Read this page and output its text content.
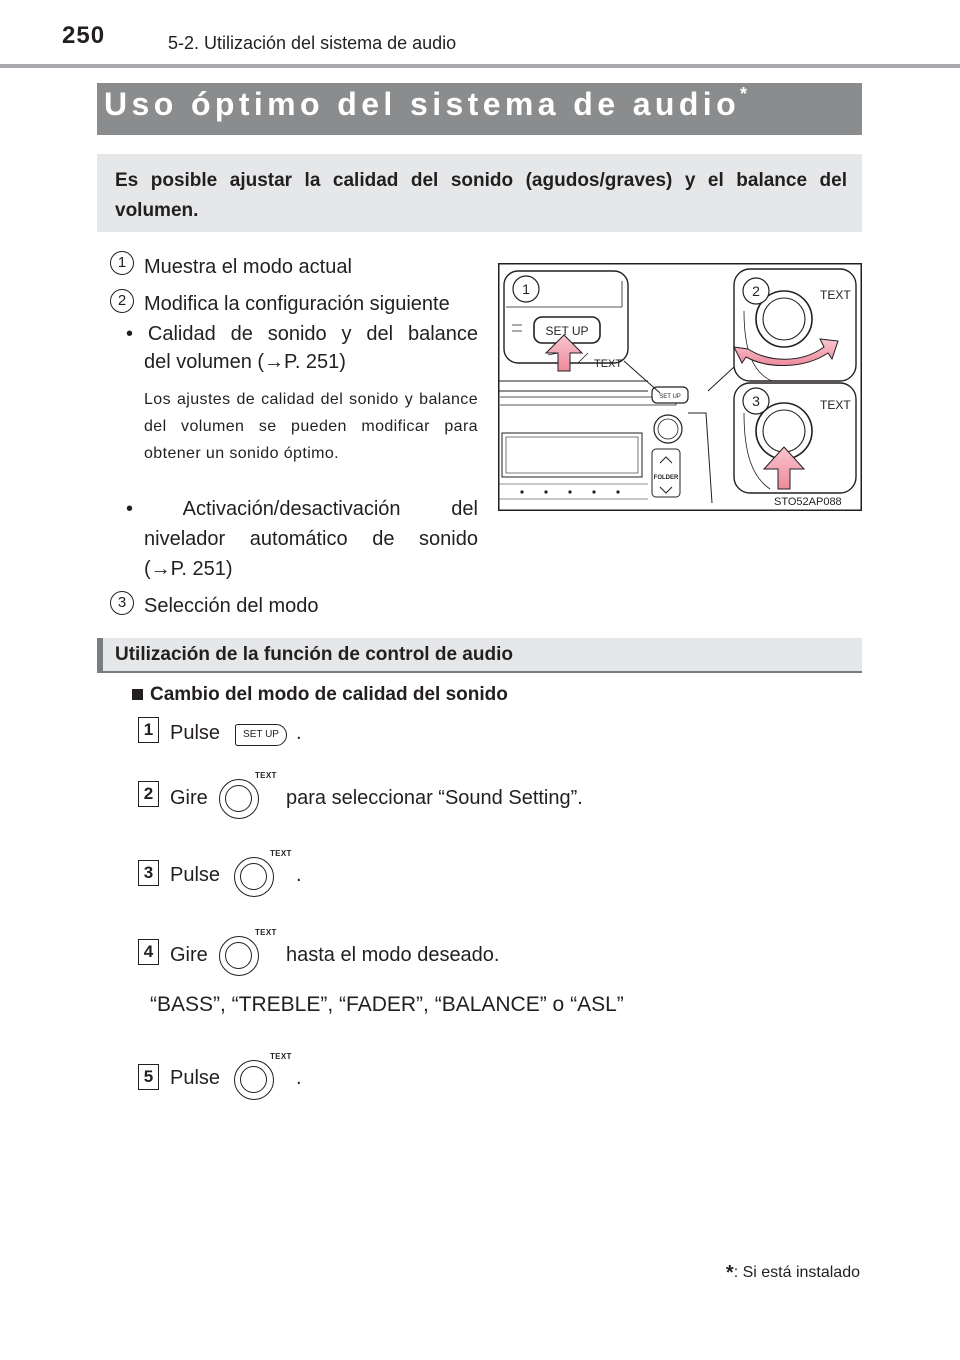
250	5-2. Utilización del sistema de audio
Uso óptimo del sistema de audio*
Es posible ajustar la calidad del sonido (agudos/graves) y el balance del volumen.
1 Muestra el modo actual
2 Modifica la configuración siguiente
• Calidad de sonido y del balance
del volumen (→P. 251)
Los ajustes de calidad del sonido y balance del volumen se pueden modificar para obtener un sonido óptimo.
• Activación/desactivación del
nivelador automático de sonido
(→P. 251)
3 Selección del modo
1	2
3
SET UP
SET UP
FOLDER
TEXT
TEXT
TEXT
STO52AP088
Utilización de la función de control de audio
Cambio del modo de calidad del sonido
1 Pulse	SET UP .
2 Gire
TEXT
para seleccionar “Sound Setting”.
3 Pulse
TEXT
.
4 Gire
TEXT
hasta el modo deseado.
“BASS”, “TREBLE”, “FADER”, “BALANCE” o “ASL”
5 Pulse
TEXT
.
*: Si está instalado
